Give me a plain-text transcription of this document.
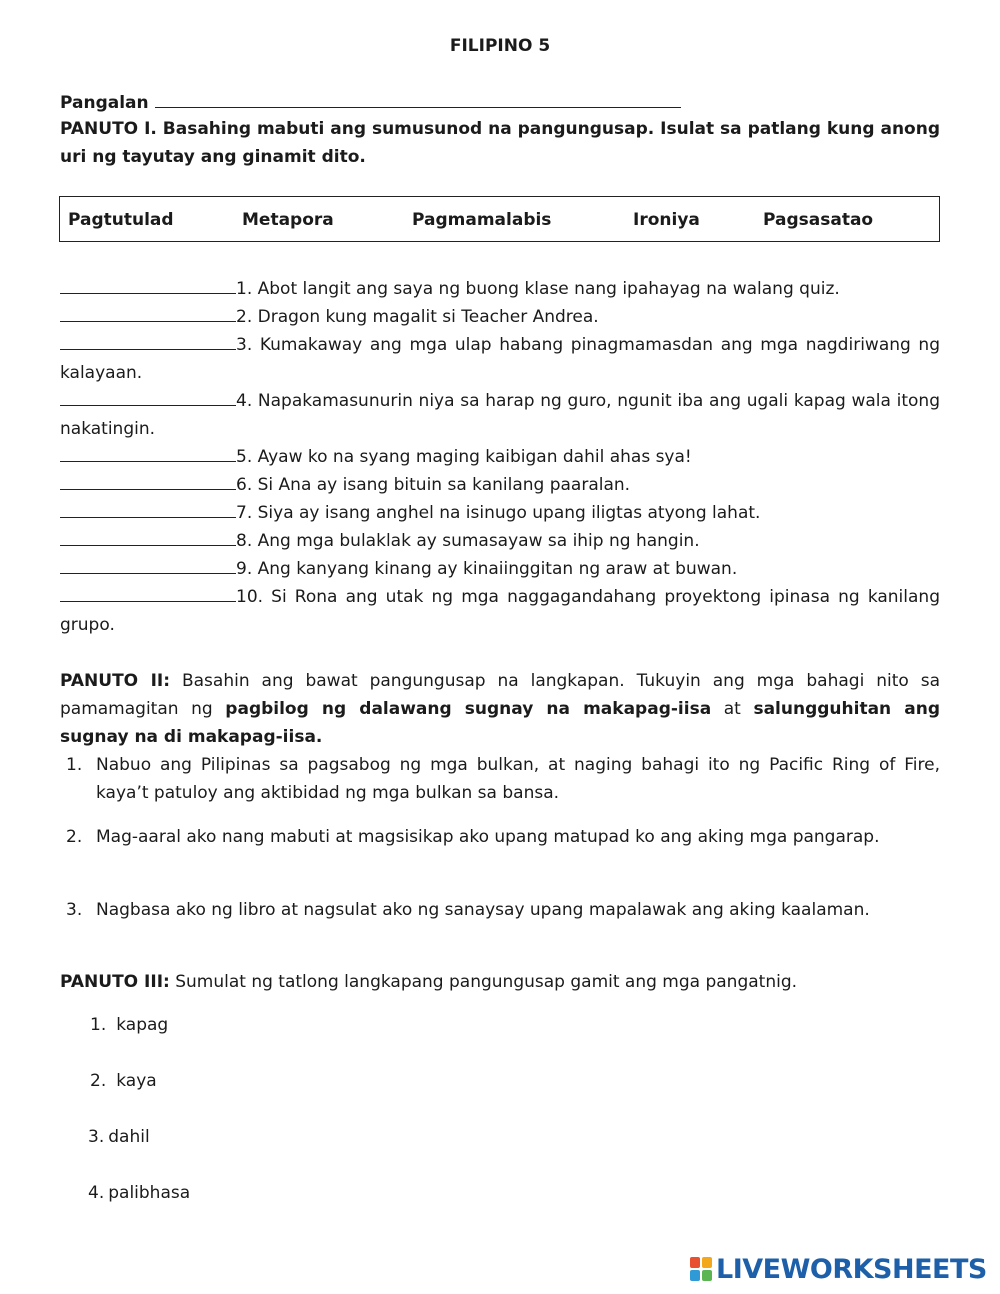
FILIPINO 5
Pangalan
PANUTO I. Basahing mabuti ang sumusunod na pangungusap. Isulat sa patlang kung anong uri ng tayutay ang ginamit dito.
Pagtutulad	Metapora	Pagmamalabis	Ironiya	Pagsasatao
1. Abot langit ang saya ng buong klase nang ipahayag na walang quiz.
2. Dragon kung magalit si Teacher Andrea.
3. Kumakaway ang mga ulap habang pinagmamasdan ang mga nagdiriwang ng kalayaan.
4. Napakamasunurin niya sa harap ng guro, ngunit iba ang ugali kapag wala itong nakatingin.
5. Ayaw ko na syang maging kaibigan dahil ahas sya!
6. Si Ana ay isang bituin sa kanilang paaralan.
7. Siya ay isang anghel na isinugo upang iligtas atyong lahat.
8. Ang mga bulaklak ay sumasayaw sa ihip ng hangin.
9. Ang kanyang kinang ay kinaiinggitan ng araw at buwan.
10. Si Rona ang utak ng mga naggagandahang proyektong ipinasa ng kanilang grupo.
PANUTO II: Basahin ang bawat pangungusap na langkapan. Tukuyin ang mga bahagi nito sa pamamagitan ng pagbilog ng dalawang sugnay na makapag-iisa at salungguhitan ang sugnay na di makapag-iisa.
1. Nabuo ang Pilipinas sa pagsabog ng mga bulkan, at naging bahagi ito ng Pacific Ring of Fire, kaya’t patuloy ang aktibidad ng mga bulkan sa bansa.
2. Mag-aaral ako nang mabuti at magsisikap ako upang matupad ko ang aking mga pangarap.
3. Nagbasa ako ng libro at nagsulat ako ng sanaysay upang mapalawak ang aking kaalaman.
PANUTO III: Sumulat ng tatlong langkapang pangungusap gamit ang mga pangatnig.
1. kapag
2. kaya
3. dahil
4. palibhasa
LIVEWORKSHEETS
